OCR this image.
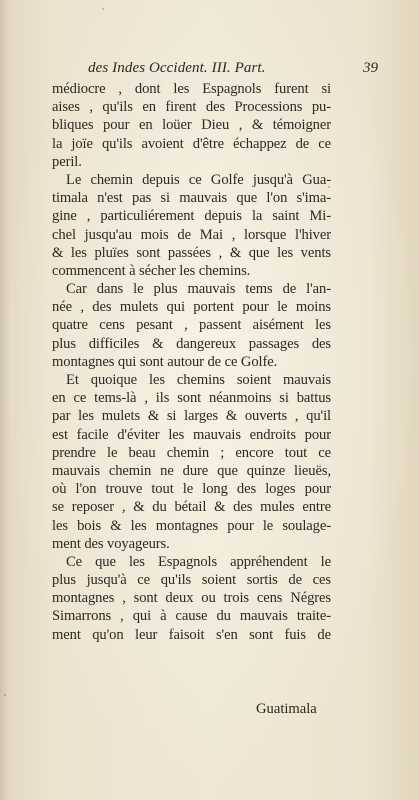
des Indes Occident. III. Part.	39
médiocre , dont les Espagnols furent si
aises , qu'ils en firent des Processions pu-
bliques pour en loüer Dieu , & témoigner
la joïe qu'ils avoient d'être échappez de ce
peril.
Le chemin depuis ce Golfe jusqu'à Gua-
timala n'est pas si mauvais que l'on s'ima-
gine , particuliérement depuis la saint Mi-
chel jusqu'au mois de Mai , lorsque l'hiver
& les pluïes sont passées , & que les vents
commencent à sécher les chemins.
Car dans le plus mauvais tems de l'an-
née , des mulets qui portent pour le moins
quatre cens pesant , passent aisément les
plus difficiles & dangereux passages des
montagnes qui sont autour de ce Golfe.
Et quoique les chemins soient mauvais
en ce tems-là , ils sont néanmoins si battus
par les mulets & si larges & ouverts , qu'il
est facile d'éviter les mauvais endroits pour
prendre le beau chemin ; encore tout ce
mauvais chemin ne dure que quinze lieuës,
où l'on trouve tout le long des loges pour
se reposer , & du bétail & des mules entre
les bois & les montagnes pour le soulage-
ment des voyageurs.
Ce que les Espagnols appréhendent le
plus jusqu'à ce qu'ils soient sortis de ces
montagnes , sont deux ou trois cens Négres
Simarrons , qui à cause du mauvais traite-
ment qu'on leur faisoit s'en sont fuis de
Guatimala
